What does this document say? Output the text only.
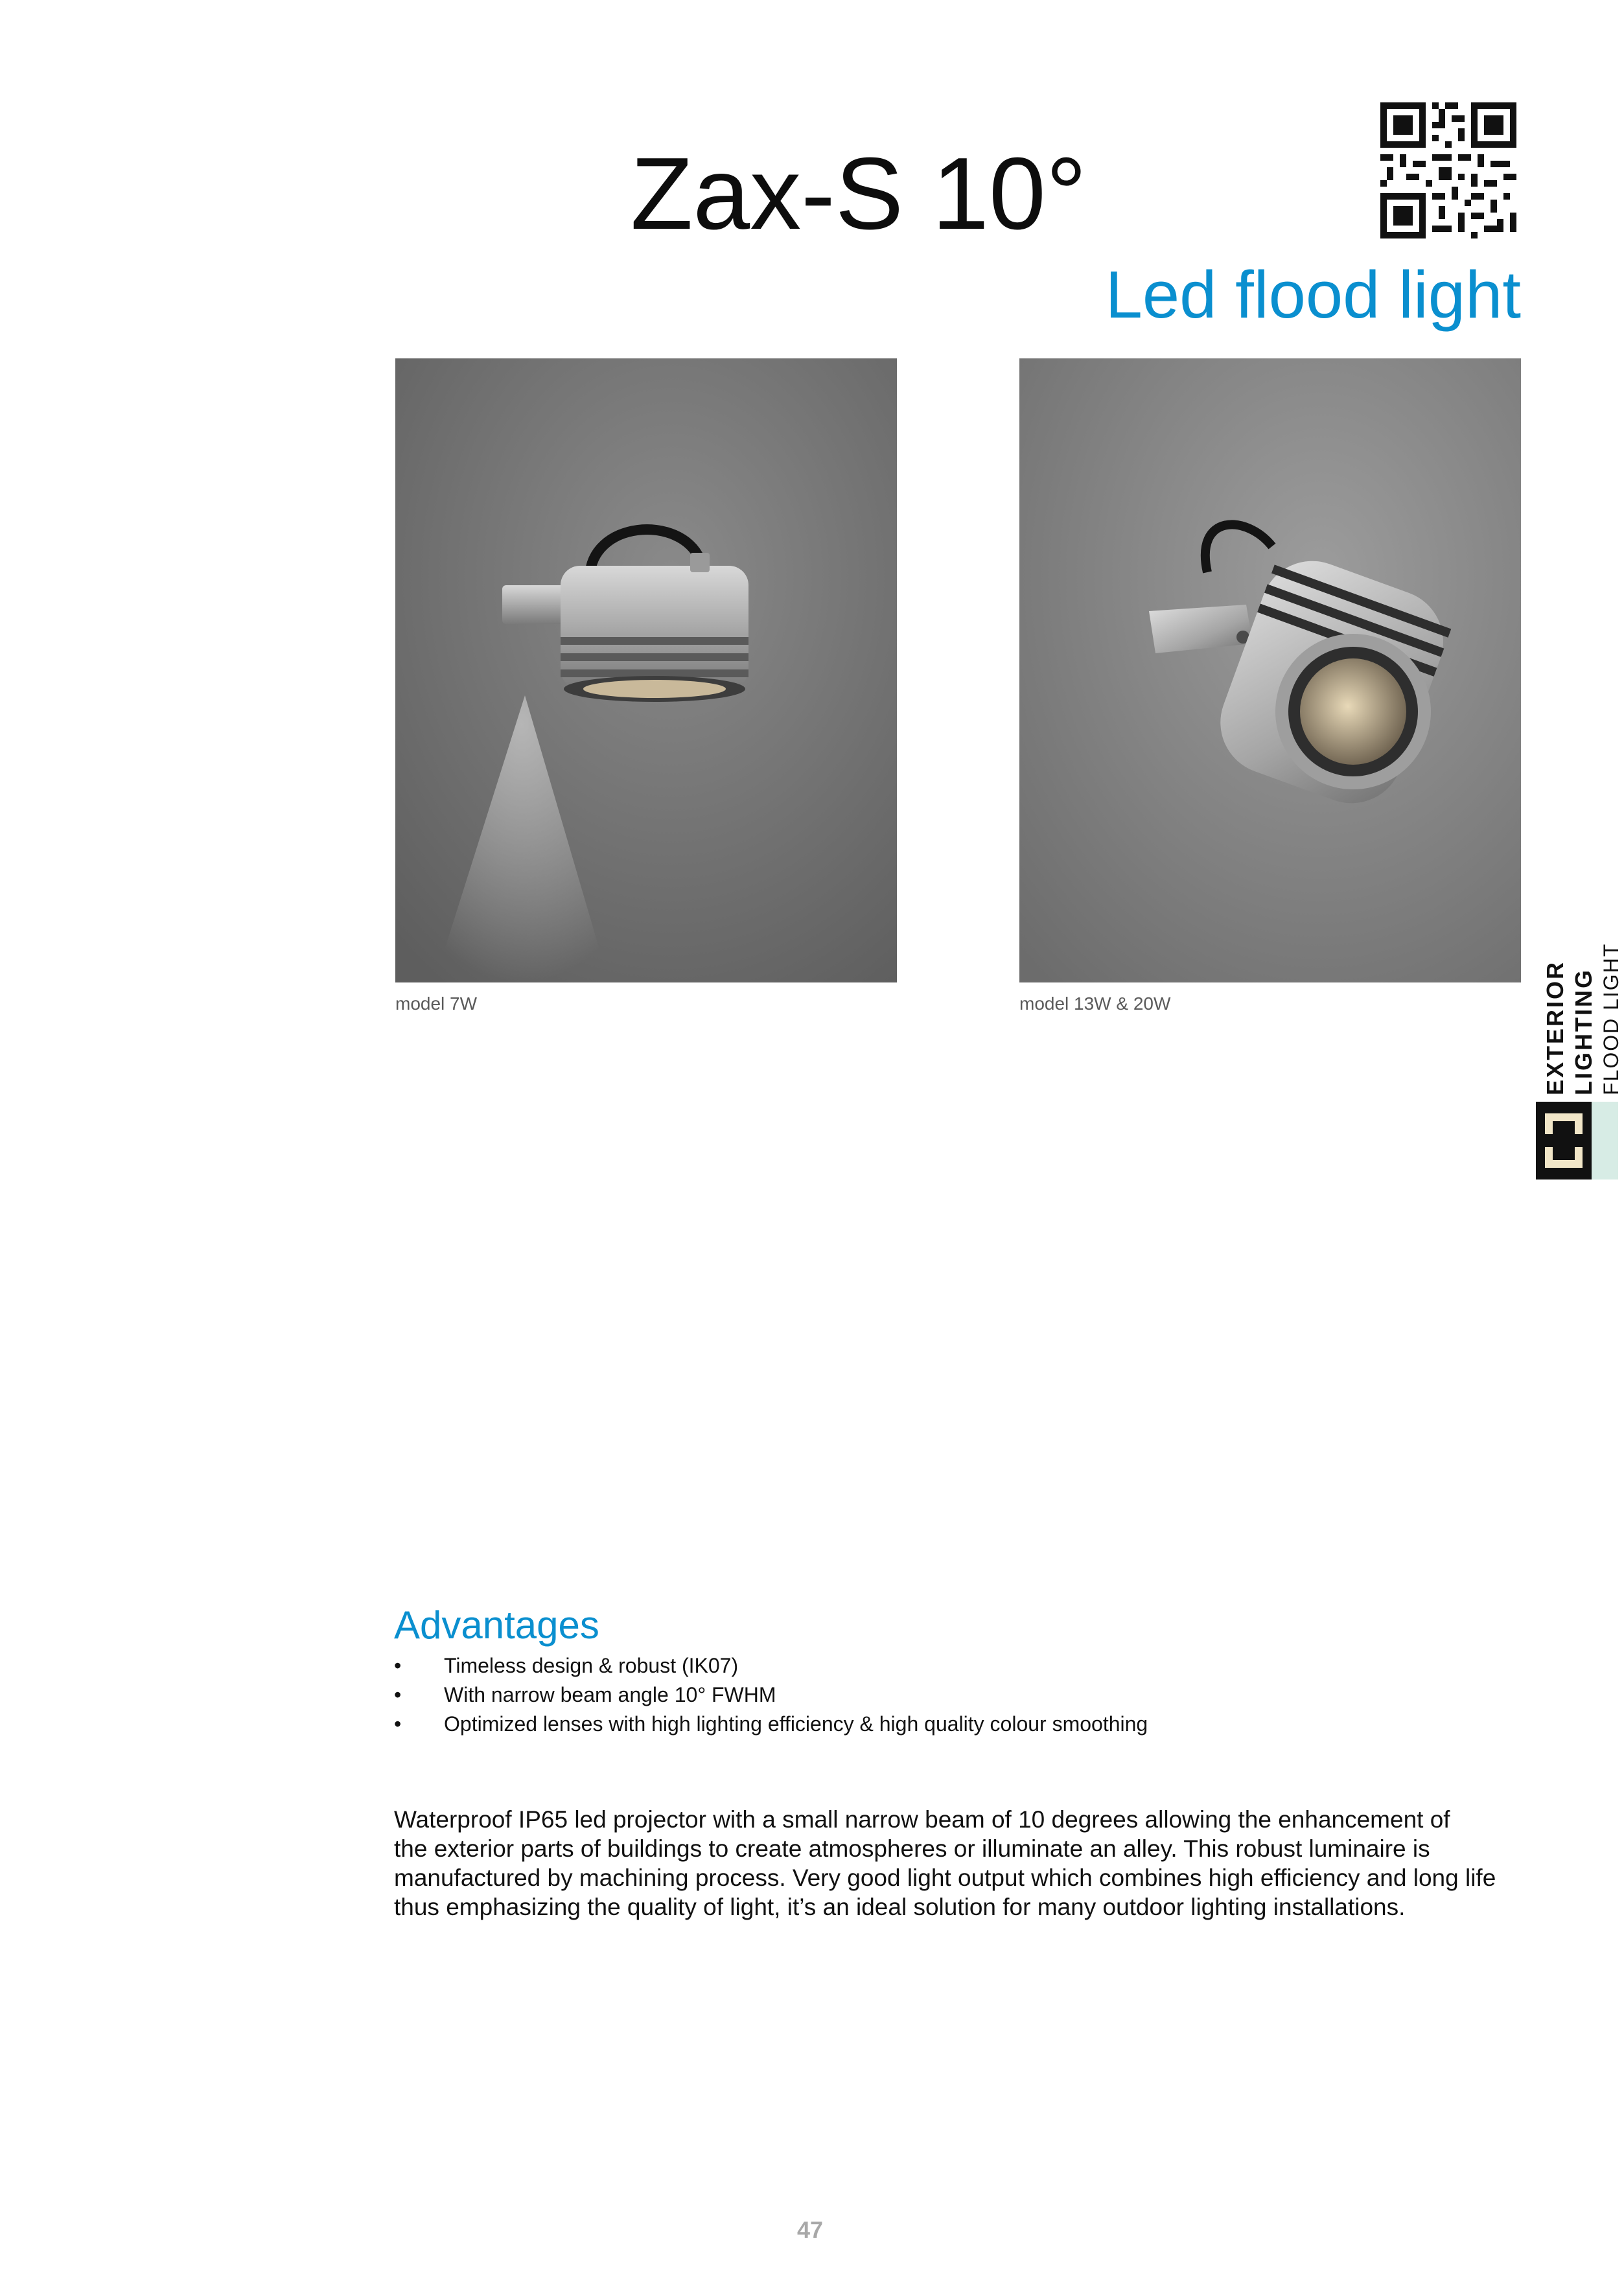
Zax-S 10°
Led flood light
model 7W	model 13W & 20W	EXTERIOR LIGHTING FLOOD LIGHT
Advantages
• Timeless design & robust (IK07)
• With narrow beam angle 10° FWHM
• Optimized lenses with high lighting efficiency & high quality colour smoothing

Waterproof IP65 led projector with a small narrow beam of 10 degrees allowing the enhancement of
the exterior parts of buildings to create atmospheres or illuminate an alley. This robust luminaire is
manufactured by machining process. Very good light output which combines high efficiency and long life
thus emphasizing the quality of light, it’s an ideal solution for many outdoor lighting installations.

47
